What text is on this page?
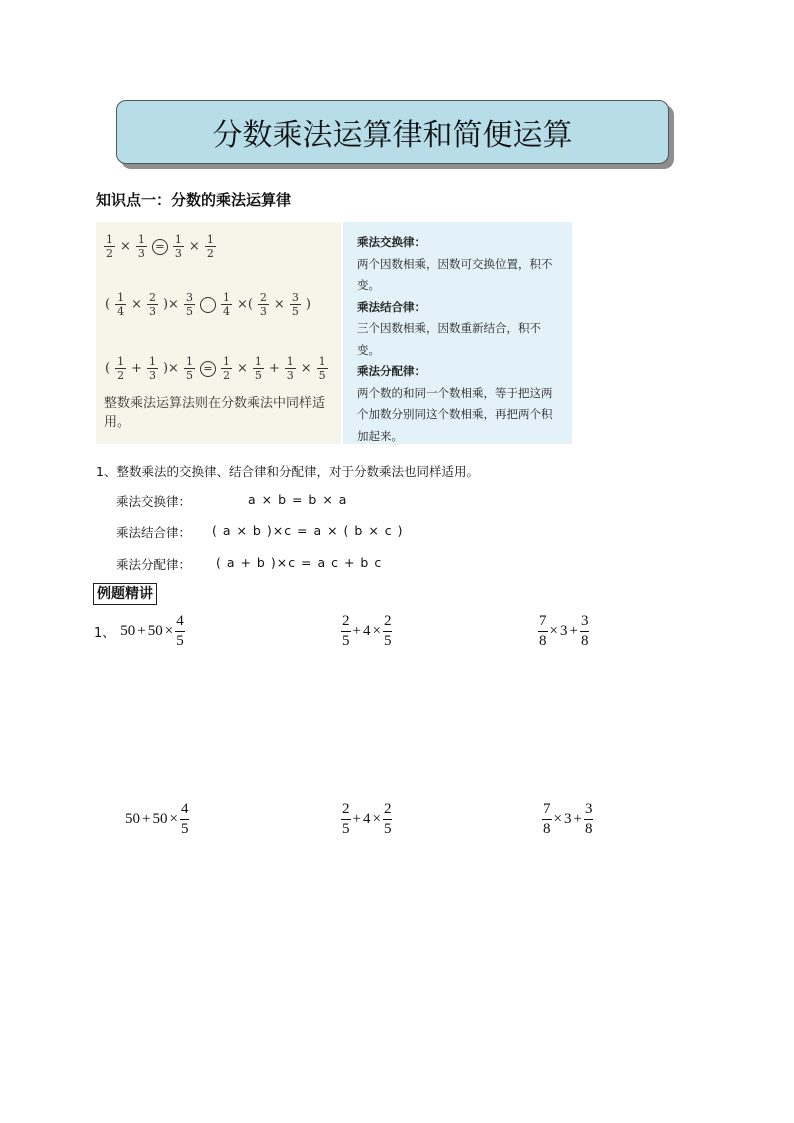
分数乘法运算律和简便运算
知识点一：分数的乘法运算律
$\frac{1}{2} \times \frac{1}{3} = \frac{1}{3} \times \frac{1}{2}$
( $\frac{1}{4} \times \frac{2}{3}$ )× $\frac{3}{5} \frac{1}{4}$ ×( $\frac{2}{3} \times \frac{3}{5}$ )
( $\frac{1}{2} + \frac{1}{3}$ )× $\frac{1}{5} = \frac{1}{2} \times \frac{1}{5} + \frac{1}{3} \times \frac{1}{5}$
整数乘法运算法则在分数乘法中同样适用。
乘法交换律：
两个因数相乘，因数可交换位置，积不变。
乘法结合律：
三个因数相乘，因数重新结合，积不变。
乘法分配律：
两个数的和同一个数相乘，等于把这两个加数分别同这个数相乘，再把两个积加起来。
1、整数乘法的交换律、结合律和分配律，对于分数乘法也同样适用。
乘法交换律：	a × b = b × a
乘法结合律： ( a × b )×c = a × ( b × c )
乘法分配律： ( a + b )×c = a c + b c
例题精讲
1、 $50 + 50 \times \frac{4}{5}$	$\frac{2}{5} + 4 \times \frac{2}{5}$	$\frac{7}{8} \times 3 + \frac{3}{8}$
$50 + 50 \times \frac{4}{5}$	$\frac{2}{5} + 4 \times \frac{2}{5}$	$\frac{7}{8} \times 3 + \frac{3}{8}$
